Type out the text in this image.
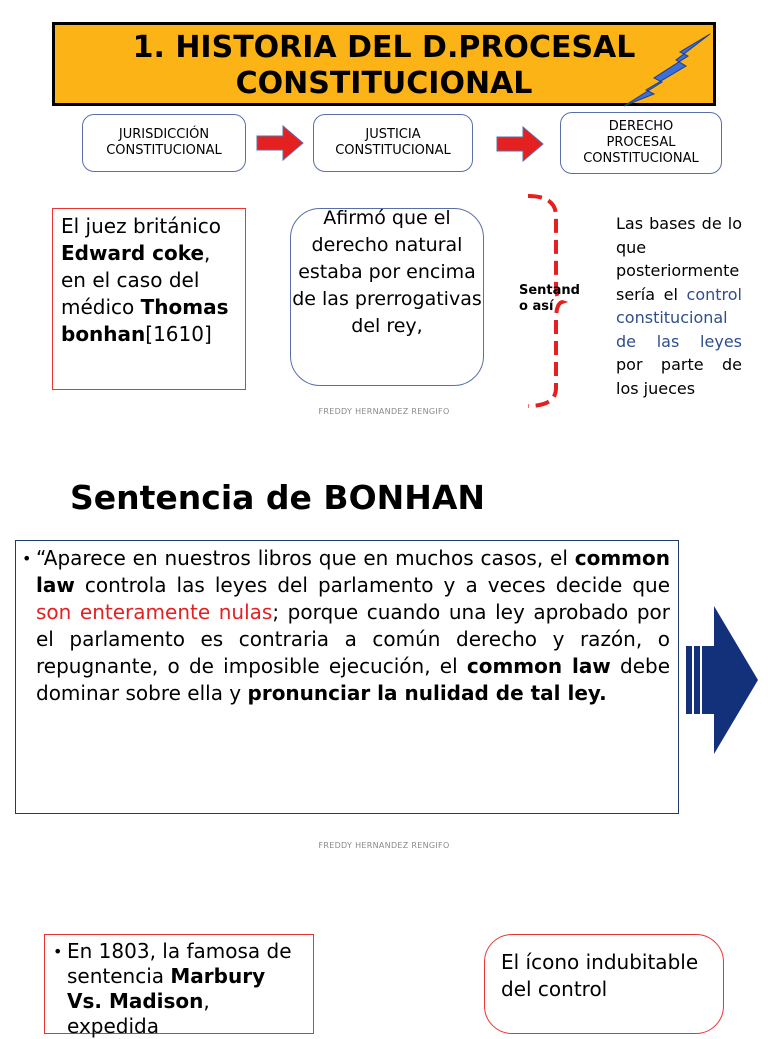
1. HISTORIA DEL D.PROCESAL
CONSTITUCIONAL
JURISDICCIÓN
CONSTITUCIONAL
JUSTICIA
CONSTITUCIONAL
DERECHO
PROCESAL
CONSTITUCIONAL
El juez británico Edward coke, en el caso del médico Thomas bonhan[1610]
Afirmó que el derecho natural estaba por encima de las prerrogativas del rey,
Sentand
o así
Las bases de lo que posteriormente sería el control constitucional de las leyes por parte de los jueces
FREDDY HERNANDEZ RENGIFO
Sentencia de BONHAN
• “Aparece en nuestros libros que en muchos casos, el common law controla las leyes del parlamento y a veces decide que son enteramente nulas; porque cuando una ley aprobado por el parlamento es contraria a común derecho y razón, o repugnante, o de imposible ejecución, el common law debe dominar sobre ella y pronunciar la nulidad de tal ley.
FREDDY HERNANDEZ RENGIFO
• En 1803, la famosa de sentencia Marbury Vs. Madison, expedida
El ícono indubitable del control
